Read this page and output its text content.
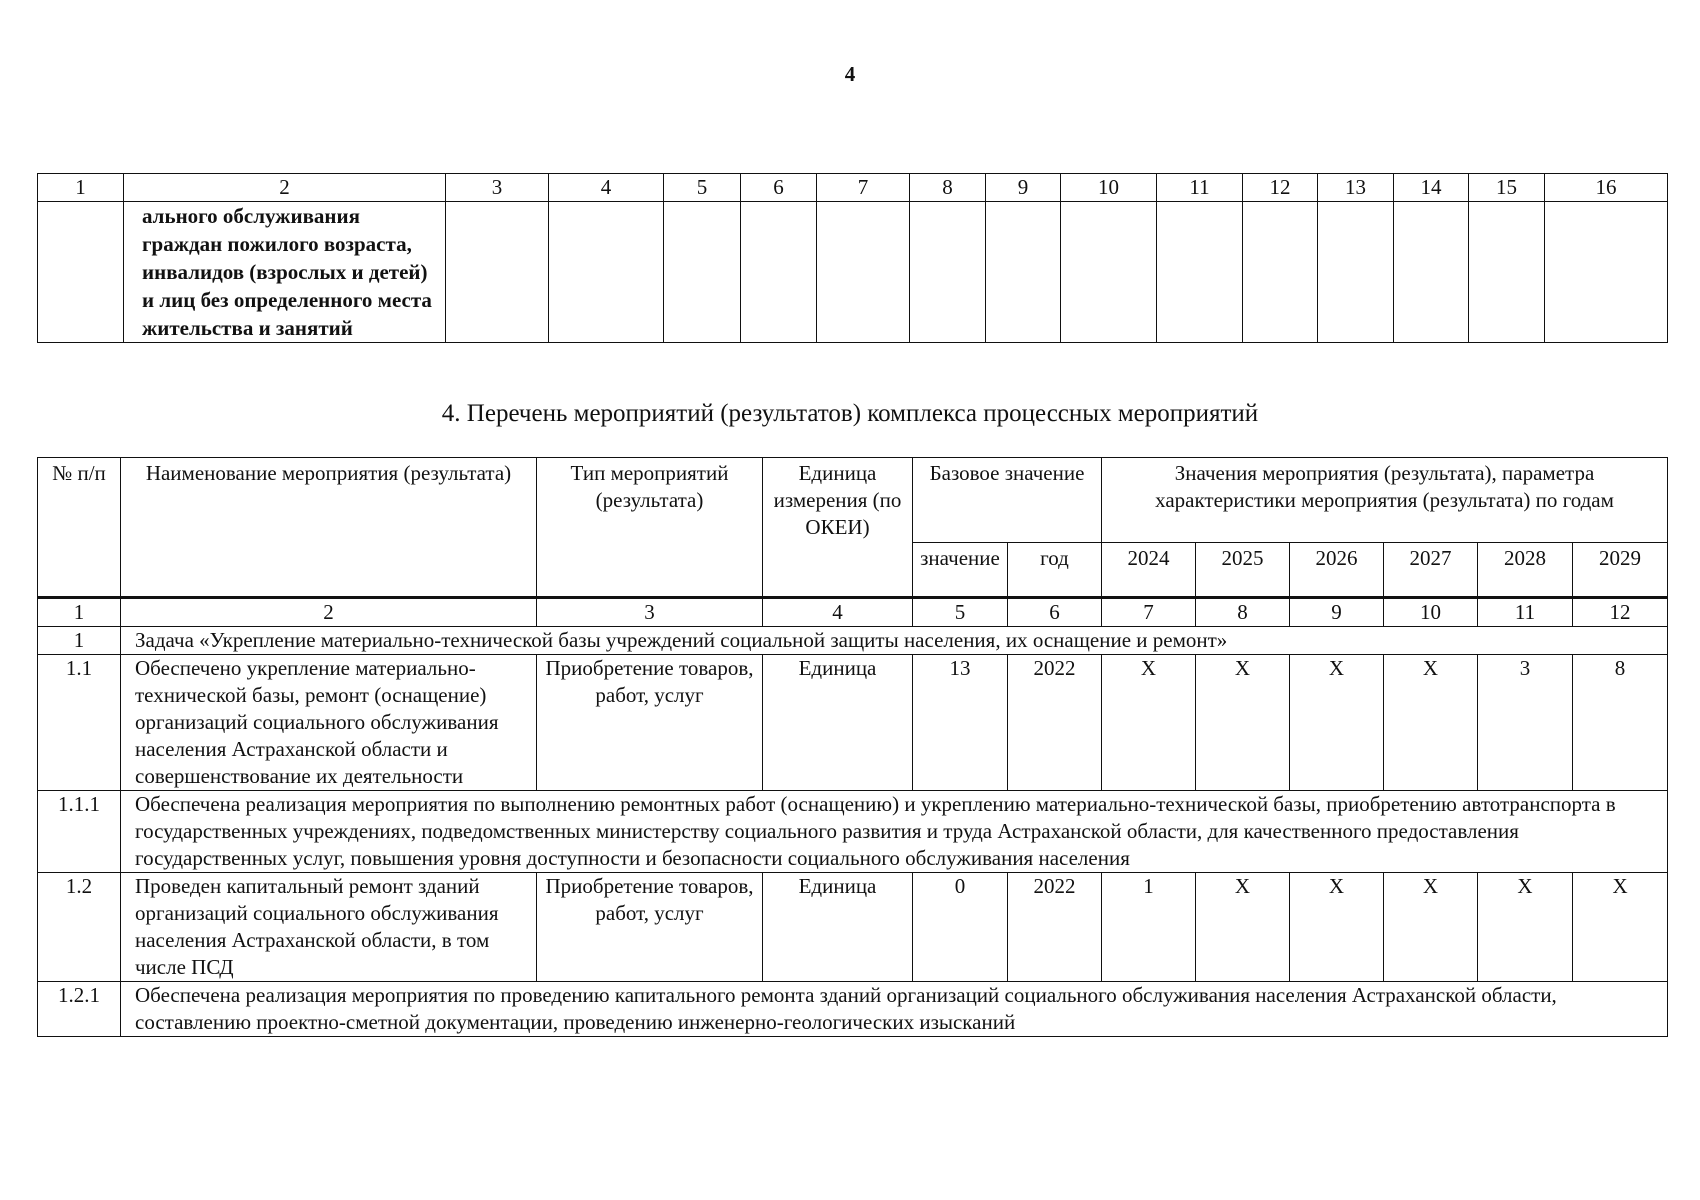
4
1	2	3	4	5	6	7	8	9	10	11	12	13	14	15	16
	ального обслуживания граждан пожилого возраста, инвалидов (взрослых и детей) и лиц без определенного места жительства и занятий														
4. Перечень мероприятий (результатов) комплекса процессных мероприятий
№ п/п	Наименование мероприятия (результата)	Тип мероприятий (результата)	Единица измерения (по ОКЕИ)	Базовое значение		Значения мероприятия (результата), параметра характеристики мероприятия (результата) по годам					
				значение	год	2024	2025	2026	2027	2028	2029
1	2	3	4	5	6	7	8	9	10	11	12
1	Задача «Укрепление материально-технической базы учреждений социальной защиты населения, их оснащение и ремонт»										
1.1	Обеспечено укрепление материально-технической базы, ремонт (оснащение) организаций социального обслуживания населения Астраханской области и совершенствование их деятельности	Приобретение товаров, работ, услуг	Единица	13	2022	X	X	X	X	3	8
1.1.1	Обеспечена реализация мероприятия по выполнению ремонтных работ (оснащению) и укреплению материально-технической базы, приобретению автотранспорта в государственных учреждениях, подведомственных министерству социального развития и труда Астраханской области, для качественного предоставления государственных услуг, повышения уровня доступности и безопасности социального обслуживания населения										
1.2	Проведен капитальный ремонт зданий организаций социального обслуживания населения Астраханской области, в том числе ПСД	Приобретение товаров, работ, услуг	Единица	0	2022	1	X	X	X	X	X
1.2.1	Обеспечена реализация мероприятия по проведению капитального ремонта зданий организаций социального обслуживания населения Астраханской области, составлению проектно-сметной документации, проведению инженерно-геологических изысканий										
